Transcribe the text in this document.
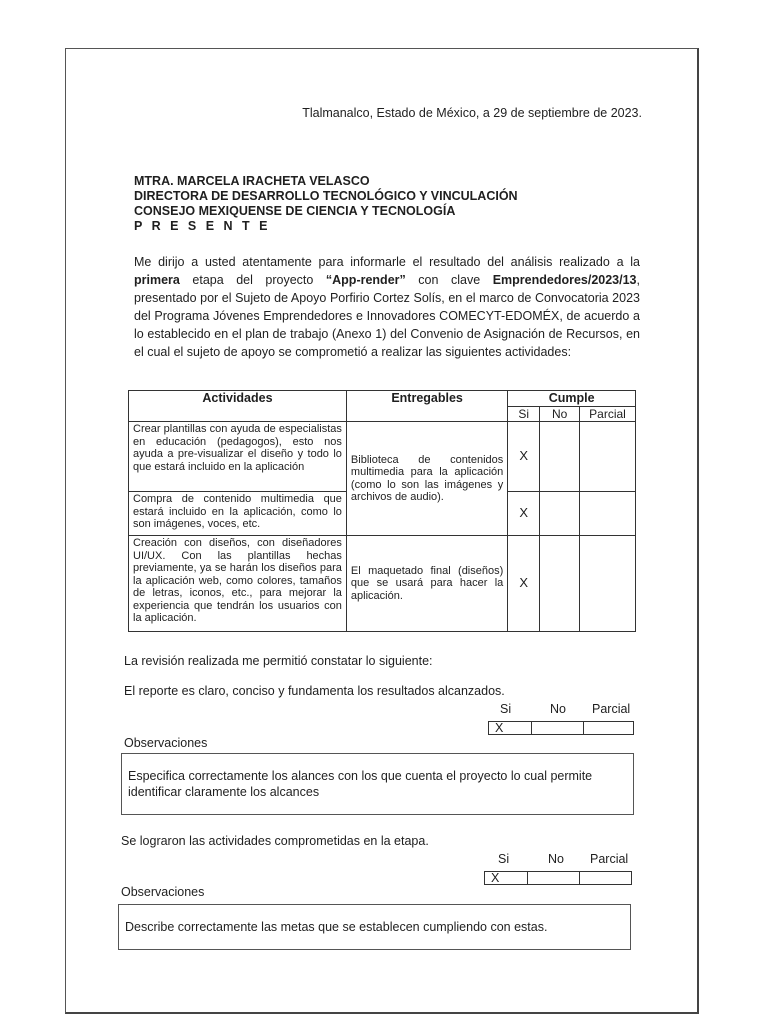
Tlalmanalco, Estado de México, a 29 de septiembre de 2023.
MTRA. MARCELA IRACHETA VELASCO
DIRECTORA DE DESARROLLO TECNOLÓGICO Y VINCULACIÓN
CONSEJO MEXIQUENSE DE CIENCIA Y TECNOLOGÍA
P R E S E N T E

Me dirijo a usted atentamente para informarle el resultado del análisis realizado a la primera etapa del proyecto “App-render” con clave Emprendedores/2023/13, presentado por el Sujeto de Apoyo Porfirio Cortez Solís, en el marco de Convocatoria 2023 del Programa Jóvenes Emprendedores e Innovadores COMECYT-EDOMÉX, de acuerdo a lo establecido en el plan de trabajo (Anexo 1) del Convenio de Asignación de Recursos, en el cual el sujeto de apoyo se comprometió a realizar las siguientes actividades:

Actividades	Entregables	Cumple		
		Si	No	Parcial
Crear plantillas con ayuda de especialistas en educación (pedagogos), esto nos ayuda a pre-visualizar el diseño y todo lo que estará incluido en la aplicación	Biblioteca de contenidos multimedia para la aplicación (como lo son las imágenes y archivos de audio).	X		
Compra de contenido multimedia que estará incluido en la aplicación, como lo son imágenes, voces, etc.		X		
Creación con diseños, con diseñadores UI/UX. Con las plantillas hechas previamente, ya se harán los diseños para la aplicación web, como colores, tamaños de letras, iconos, etc., para mejorar la experiencia que tendrán los usuarios con la aplicación.	El maquetado final (diseños) que se usará para hacer la aplicación.	X		
La revisión realizada me permitió constatar lo siguiente:
El reporte es claro, conciso y fundamenta los resultados alcanzados.
Si	No Parcial
X
Observaciones
Especifica correctamente los alances con los que cuenta el proyecto lo cual permite identificar claramente los alcances
Se lograron las actividades comprometidas en la etapa.
Si	No Parcial
X
Observaciones
Describe correctamente las metas que se establecen cumpliendo con estas.
